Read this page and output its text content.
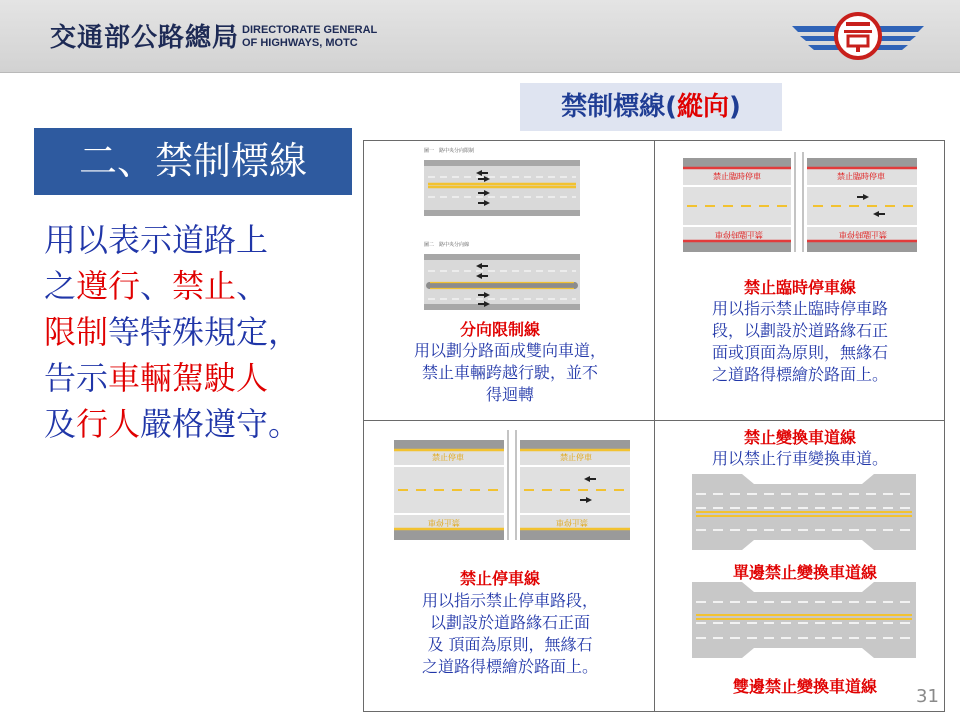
交通部公路總局 DIRECTORATE GENERAL
OF HIGHWAYS, MOTC
禁制標線(縱向)
二、禁制標線
用以表示道路上
之遵行、禁止、
限制等特殊規定，
告示車輛駕駛人
及行人嚴格遵守。
圖一　路中央分向限制
圖二　路中央分向線
分向限制線
用以劃分路面成雙向車道，
禁止車輛跨越行駛，並不
得迴轉
禁止臨時停車	禁止臨時停車
禁止臨時停車	禁止臨時停車
禁止臨時停車線
用以指示禁止臨時停車路
段，以劃設於道路緣石正
面或頂面為原則，無緣石
之道路得標繪於路面上。
禁止停車	禁止停車
禁止停車	禁止停車
禁止停車線
用以指示禁止停車路段，
以劃設於道路緣石正面
及 頂面為原則，無緣石
之道路得標繪於路面上。
禁止變換車道線
用以禁止行車變換車道。
單邊禁止變換車道線
雙邊禁止變換車道線	31
